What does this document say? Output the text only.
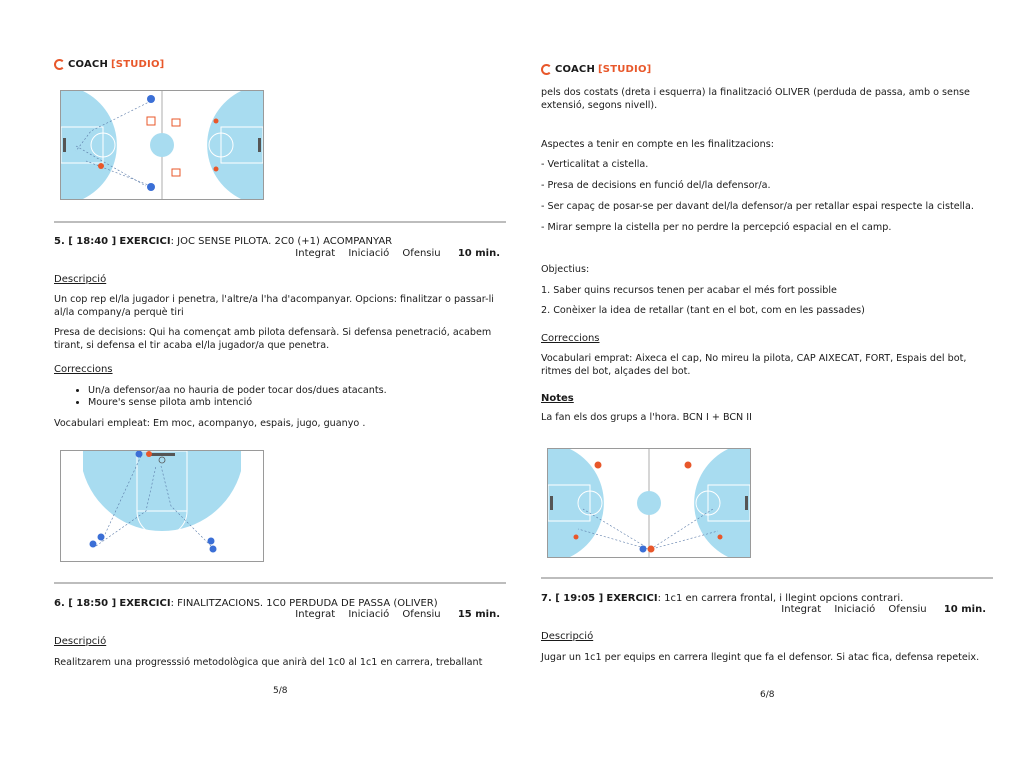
COACH [STUDIO]
5. [ 18:40 ] EXERCICI: JOC SENSE PILOTA. 2C0 (+1) ACOMPANYAR
Integrat Iniciació Ofensiu 10 min.
Descripció
Un cop rep el/la jugador i penetra, l'altre/a l'ha d'acompanyar. Opcions: finalitzar o passar-li al/la company/a perquè tiri
Presa de decisions: Qui ha començat amb pilota defensarà. Si defensa penetració, acabem tirant, si defensa el tir acaba el/la jugador/a que penetra.
Correccions
• Un/a defensor/aa no hauria de poder tocar dos/dues atacants.
• Moure's sense pilota amb intenció
Vocabulari empleat: Em moc, acompanyo, espais, jugo, guanyo .
6. [ 18:50 ] EXERCICI: FINALITZACIONS. 1C0 PERDUDA DE PASSA (OLIVER)
Integrat Iniciació Ofensiu 15 min.
Descripció
Realitzarem una progresssió metodològica que anirà del 1c0 al 1c1 en carrera, treballant
5/8
COACH [STUDIO]
pels dos costats (dreta i esquerra) la finalització OLIVER (perduda de passa, amb o sense extensió, segons nivell).
Aspectes a tenir en compte en les finalitzacions:
- Verticalitat a cistella.
- Presa de decisions en funció del/la defensor/a.
- Ser capaç de posar-se per davant del/la defensor/a per retallar espai respecte la cistella.
- Mirar sempre la cistella per no perdre la percepció espacial en el camp.
Objectius:
1. Saber quins recursos tenen per acabar el més fort possible
2. Conèixer la idea de retallar (tant en el bot, com en les passades)
Correccions
Vocabulari emprat: Aixeca el cap, No mireu la pilota, CAP AIXECAT, FORT, Espais del bot, ritmes del bot, alçades del bot.
Notes
La fan els dos grups a l'hora. BCN I + BCN II
7. [ 19:05 ] EXERCICI: 1c1 en carrera frontal, i llegint opcions contrari.
Integrat Iniciació Ofensiu 10 min.
Descripció
Jugar un 1c1 per equips en carrera llegint que fa el defensor. Si atac fica, defensa repeteix.
6/8
